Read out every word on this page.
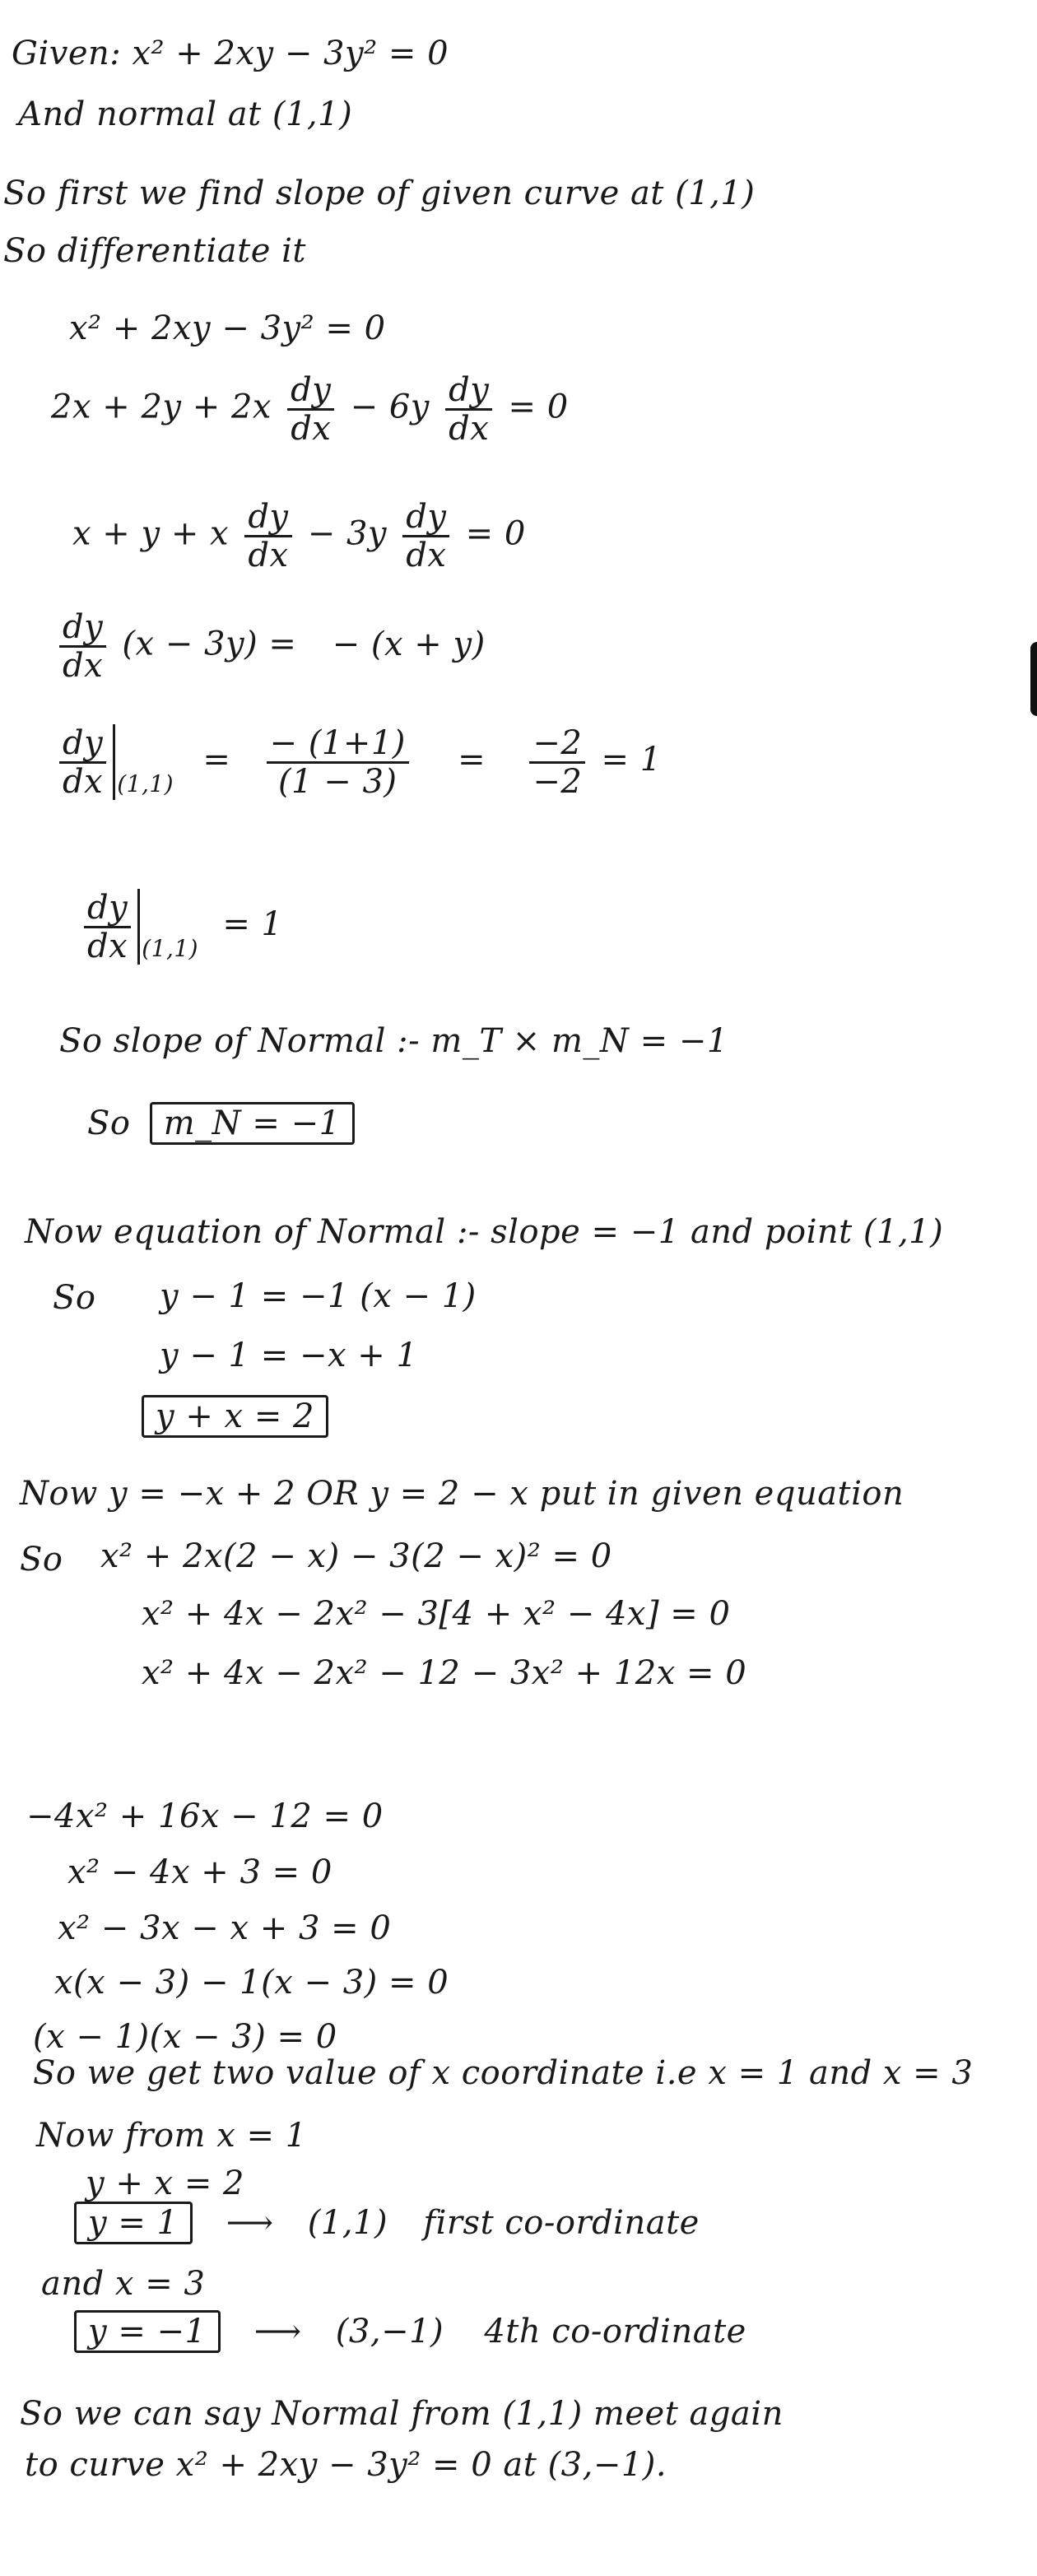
Given: x² + 2xy − 3y² = 0
And normal at (1,1)
So first we find slope of given curve at (1,1)
So differentiate it
x² + 2xy − 3y² = 0
$2x + 2y + 2x \frac{dy}{dx} - 6y \frac{dy}{dx} = 0$
x + y + x $\frac{dy}{dx} - 3y \frac{dy}{dx} = 0$
$\frac{dy}{dx} (x - 3y)$ = − (x + y)
$\frac{dy}{dx} _{(1,1)} = \frac{- (1+1)}{(1 - 3)} = \frac{-2}{-2} = 1$
$\frac{dy}{dx} _{(1,1)} = 1$
So slope of Normal :- m_T × m_N = −1
So m_N = −1
Now equation of Normal :- slope = −1 and point (1,1)
So y − 1 = −1 (x − 1)
y − 1 = −x + 1
y + x = 2
Now y = −x + 2 OR y = 2 − x put in given equation
So x² + 2x(2 − x) − 3(2 − x)² = 0
x² + 4x − 2x² − 3[4 + x² − 4x] = 0
x² + 4x − 2x² − 12 − 3x² + 12x = 0
−4x² + 16x − 12 = 0
x² − 4x + 3 = 0
x² − 3x − x + 3 = 0
x(x − 3) − 1(x − 3) = 0
(x − 1)(x − 3) = 0
So we get two value of x coordinate i.e x = 1 and x = 3
Now from x = 1
y + x = 2
y = 1 ⟶ (1,1) first co-ordinate
and x = 3
y = −1 ⟶ (3,−1) 4th co-ordinate
So we can say Normal from (1,1) meet again
to curve x² + 2xy − 3y² = 0 at (3,−1).
